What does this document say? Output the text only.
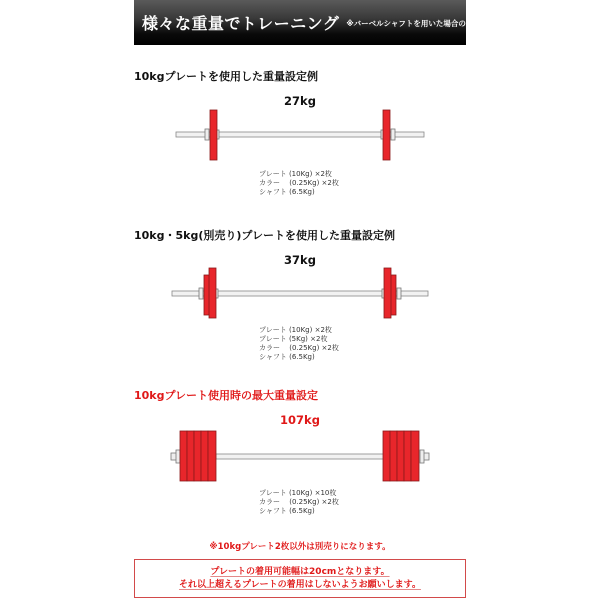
様々な重量でトレーニング ※バーベルシャフトを用いた場合の使用例
10kgプレートを使用した重量設定例
27kg
プレート (10Kg) ×2枚
カラー　 (0.25Kg) ×2枚
シャフト (6.5Kg)
10kg・5kg(別売り)プレートを使用した重量設定例
37kg
プレート (10Kg) ×2枚
プレート (5Kg) ×2枚
カラー　 (0.25Kg) ×2枚
シャフト (6.5Kg)
10kgプレート使用時の最大重量設定
107kg
プレート (10Kg) ×10枚
カラー　 (0.25Kg) ×2枚
シャフト (6.5Kg)
※10kgプレート2枚以外は別売りになります。
プレートの着用可能幅は20cmとなります。
それ以上超えるプレートの着用はしないようお願いします。
